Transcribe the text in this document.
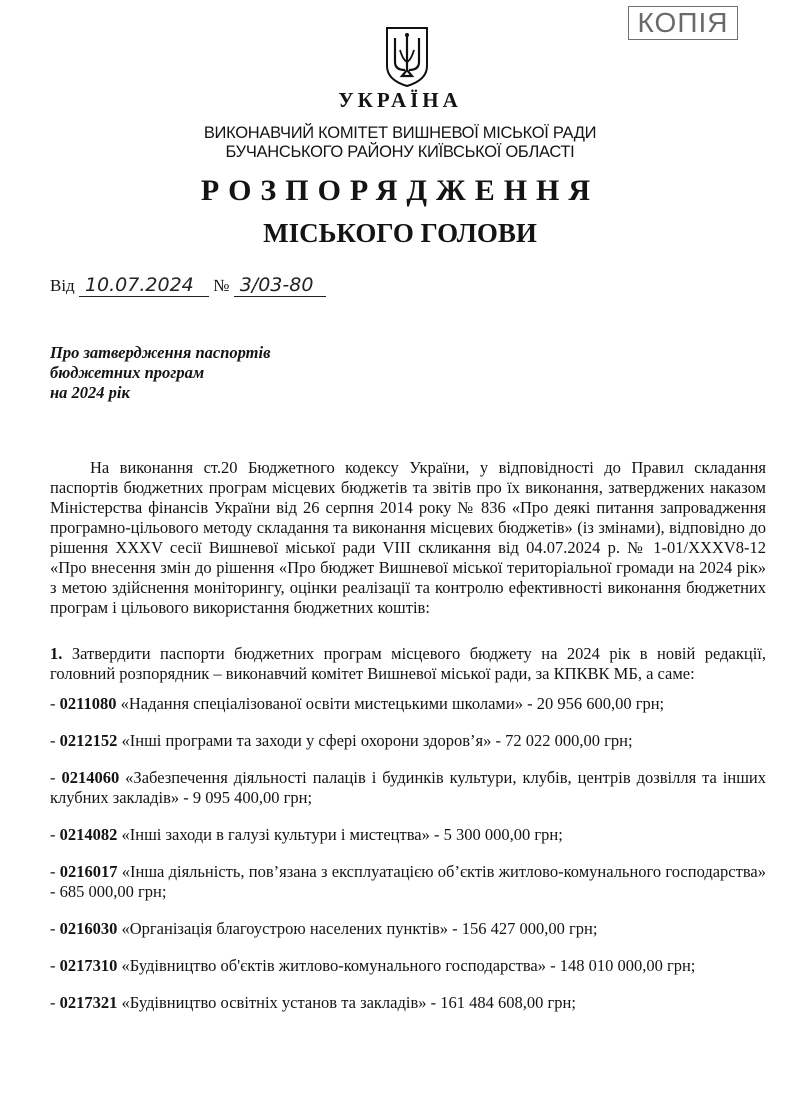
КОПІЯ
УКРАЇНА
ВИКОНАВЧИЙ КОМІТЕТ ВИШНЕВОЇ МІСЬКОЇ РАДИ
БУЧАНСЬКОГО РАЙОНУ КИЇВСЬКОЇ ОБЛАСТІ
РОЗПОРЯДЖЕННЯ
МІСЬКОГО ГОЛОВИ
Від 10.07.2024 № 3/03-80
Про затвердження паспортів
бюджетних програм
на 2024 рік

На виконання ст.20 Бюджетного кодексу України, у відповідності до Правил складання паспортів бюджетних програм місцевих бюджетів та звітів про їх виконання, затверджених наказом Міністерства фінансів України від 26 серпня 2014 року № 836 «Про деякі питання запровадження програмно-цільового методу складання та виконання місцевих бюджетів» (із змінами), відповідно до рішення XXXV сесії Вишневої міської ради VIII скликання від 04.07.2024 р. № 1-01/XXXV8-12 «Про внесення змін до рішення «Про бюджет Вишневої міської територіальної громади на 2024 рік» з метою здійснення моніторингу, оцінки реалізації та контролю ефективності виконання бюджетних програм і цільового використання бюджетних коштів:

1. Затвердити паспорти бюджетних програм місцевого бюджету на 2024 рік в новій редакції, головний розпорядник – виконавчий комітет Вишневої міської ради, за КПКВК МБ, а саме:

- 0211080 «Надання спеціалізованої освіти мистецькими школами» - 20 956 600,00 грн;
- 0212152 «Інші програми та заходи у сфері охорони здоров’я» - 72 022 000,00 грн;
- 0214060 «Забезпечення діяльності палаців і будинків культури, клубів, центрів дозвілля та інших клубних закладів» - 9 095 400,00 грн;
- 0214082 «Інші заходи в галузі культури і мистецтва» - 5 300 000,00 грн;
- 0216017 «Інша діяльність, пов’язана з експлуатацією об’єктів житлово-комунального господарства» - 685 000,00 грн;
- 0216030 «Організація благоустрою населених пунктів» - 156 427 000,00 грн;
- 0217310 «Будівництво об'єктів житлово-комунального господарства» - 148 010 000,00 грн;
- 0217321 «Будівництво освітніх установ та закладів» - 161 484 608,00 грн;
